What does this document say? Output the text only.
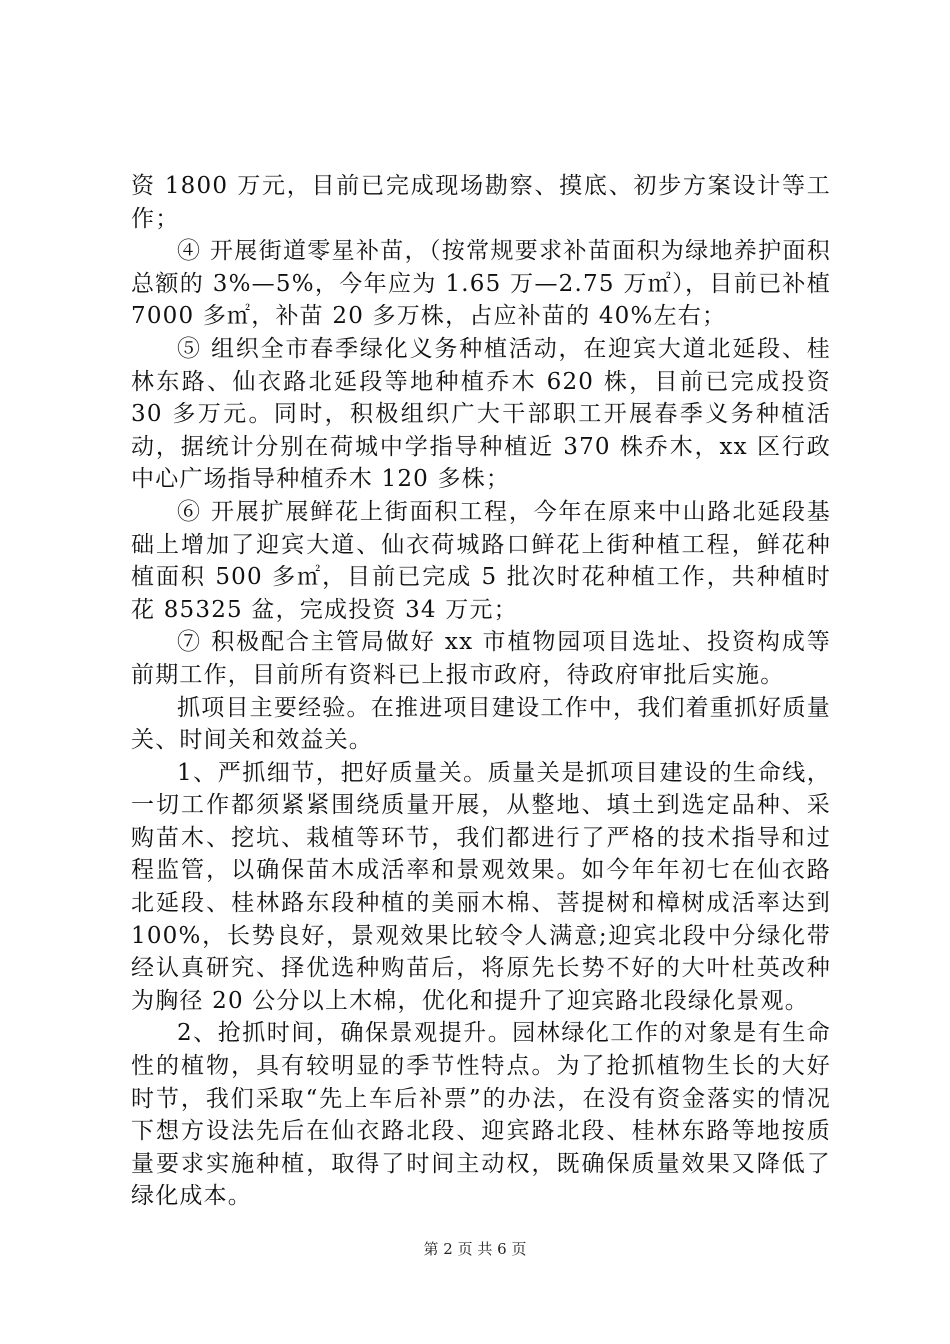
资 1800 万元，目前已完成现场勘察、摸底、初步方案设计等工作；

④ 开展街道零星补苗，（按常规要求补苗面积为绿地养护面积总额的 3%—5%，今年应为 1.65 万—2.75 万㎡），目前已补植 7000 多㎡，补苗 20 多万株，占应补苗的 40%左右；

⑤ 组织全市春季绿化义务种植活动，在迎宾大道北延段、桂林东路、仙衣路北延段等地种植乔木 620 株，目前已完成投资 30 多万元。同时，积极组织广大干部职工开展春季义务种植活动，据统计分别在荷城中学指导种植近 370 株乔木，xx 区行政中心广场指导种植乔木 120 多株；

⑥ 开展扩展鲜花上街面积工程，今年在原来中山路北延段基础上增加了迎宾大道、仙衣荷城路口鲜花上街种植工程，鲜花种植面积 500 多㎡，目前已完成 5 批次时花种植工作，共种植时花 85325 盆，完成投资 34 万元；

⑦ 积极配合主管局做好 xx 市植物园项目选址、投资构成等前期工作，目前所有资料已上报市政府，待政府审批后实施。

抓项目主要经验。在推进项目建设工作中，我们着重抓好质量关、时间关和效益关。

1、严抓细节，把好质量关。质量关是抓项目建设的生命线，一切工作都须紧紧围绕质量开展，从整地、填土到选定品种、采购苗木、挖坑、栽植等环节，我们都进行了严格的技术指导和过程监管，以确保苗木成活率和景观效果。如今年年初七在仙衣路北延段、桂林路东段种植的美丽木棉、菩提树和樟树成活率达到 100%，长势良好，景观效果比较令人满意;迎宾北段中分绿化带经认真研究、择优选种购苗后，将原先长势不好的大叶杜英改种为胸径 20 公分以上木棉，优化和提升了迎宾路北段绿化景观。

2、抢抓时间，确保景观提升。园林绿化工作的对象是有生命性的植物，具有较明显的季节性特点。为了抢抓植物生长的大好时节，我们采取“先上车后补票”的办法，在没有资金落实的情况下想方设法先后在仙衣路北段、迎宾路北段、桂林东路等地按质量要求实施种植，取得了时间主动权，既确保质量效果又降低了绿化成本。

第 2 页 共 6 页
